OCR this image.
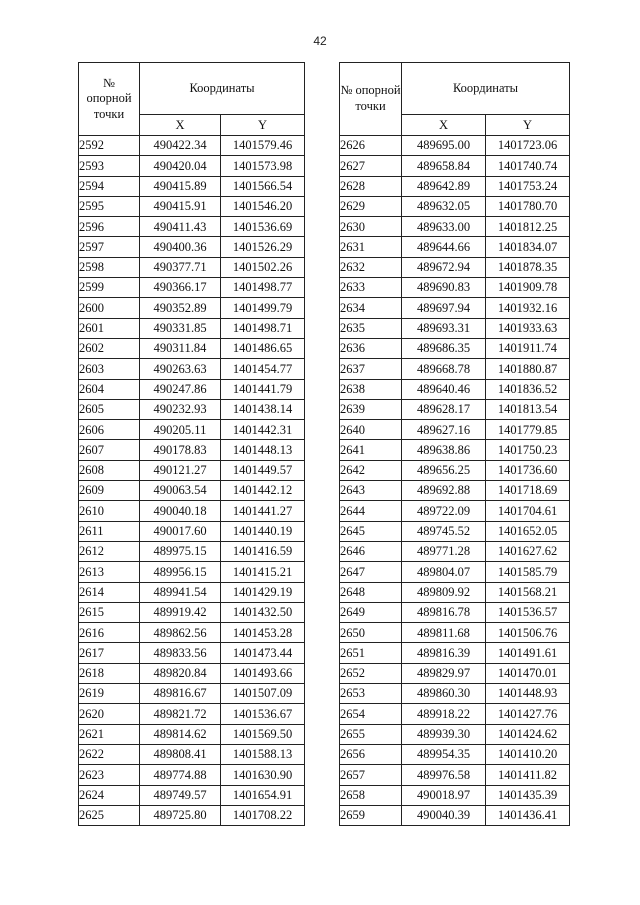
42
№ опорной точки	Координаты	
	X	Y
2592	490422.34	1401579.46
2593	490420.04	1401573.98
2594	490415.89	1401566.54
2595	490415.91	1401546.20
2596	490411.43	1401536.69
2597	490400.36	1401526.29
2598	490377.71	1401502.26
2599	490366.17	1401498.77
2600	490352.89	1401499.79
2601	490331.85	1401498.71
2602	490311.84	1401486.65
2603	490263.63	1401454.77
2604	490247.86	1401441.79
2605	490232.93	1401438.14
2606	490205.11	1401442.31
2607	490178.83	1401448.13
2608	490121.27	1401449.57
2609	490063.54	1401442.12
2610	490040.18	1401441.27
2611	490017.60	1401440.19
2612	489975.15	1401416.59
2613	489956.15	1401415.21
2614	489941.54	1401429.19
2615	489919.42	1401432.50
2616	489862.56	1401453.28
2617	489833.56	1401473.44
2618	489820.84	1401493.66
2619	489816.67	1401507.09
2620	489821.72	1401536.67
2621	489814.62	1401569.50
2622	489808.41	1401588.13
2623	489774.88	1401630.90
2624	489749.57	1401654.91
2625	489725.80	1401708.22
№ опорной точки	Координаты	
	X	Y
2626	489695.00	1401723.06
2627	489658.84	1401740.74
2628	489642.89	1401753.24
2629	489632.05	1401780.70
2630	489633.00	1401812.25
2631	489644.66	1401834.07
2632	489672.94	1401878.35
2633	489690.83	1401909.78
2634	489697.94	1401932.16
2635	489693.31	1401933.63
2636	489686.35	1401911.74
2637	489668.78	1401880.87
2638	489640.46	1401836.52
2639	489628.17	1401813.54
2640	489627.16	1401779.85
2641	489638.86	1401750.23
2642	489656.25	1401736.60
2643	489692.88	1401718.69
2644	489722.09	1401704.61
2645	489745.52	1401652.05
2646	489771.28	1401627.62
2647	489804.07	1401585.79
2648	489809.92	1401568.21
2649	489816.78	1401536.57
2650	489811.68	1401506.76
2651	489816.39	1401491.61
2652	489829.97	1401470.01
2653	489860.30	1401448.93
2654	489918.22	1401427.76
2655	489939.30	1401424.62
2656	489954.35	1401410.20
2657	489976.58	1401411.82
2658	490018.97	1401435.39
2659	490040.39	1401436.41
